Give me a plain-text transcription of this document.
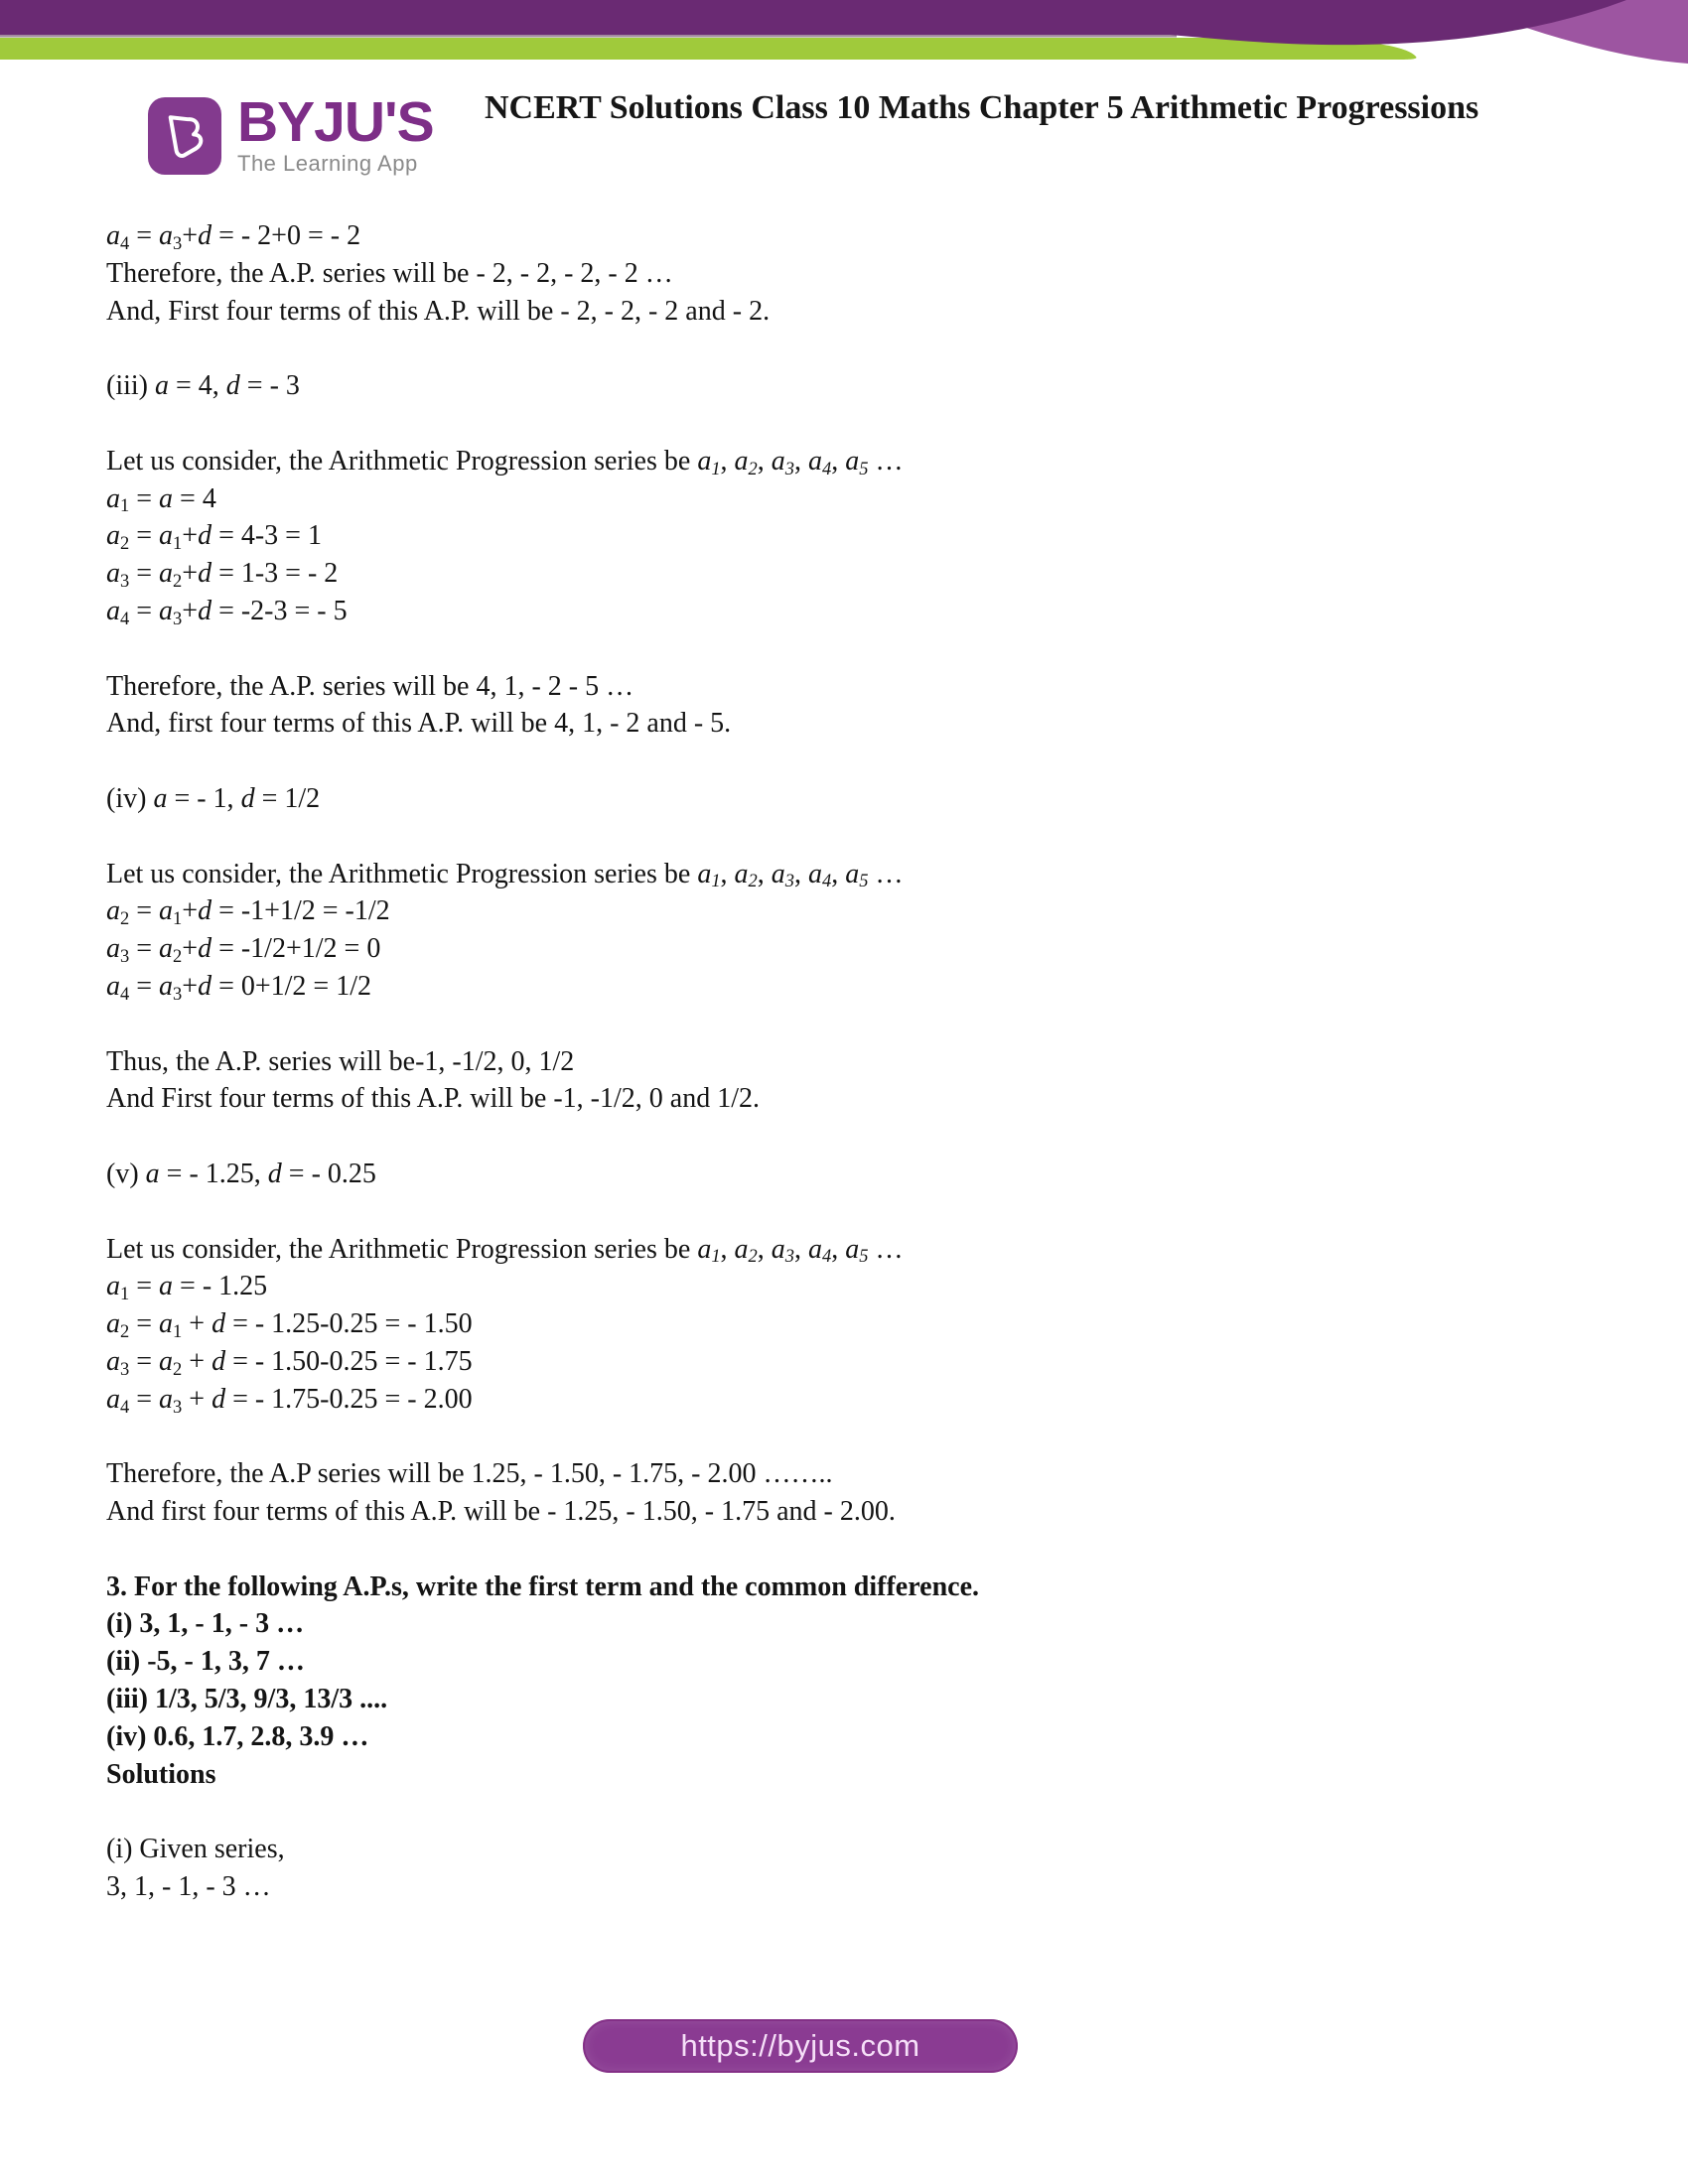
BYJU'S
The Learning App
NCERT Solutions Class 10 Maths Chapter 5 Arithmetic Progressions
$a_4 = a_3+d$ = - 2+0 = - 2
Therefore, the A.P. series will be - 2, - 2, - 2, - 2 …
And, First four terms of this A.P. will be - 2, - 2, - 2 and - 2.
(iii) a = 4, d = - 3
Let us consider, the Arithmetic Progression series be $a_1$, $a_2$, $a_3$, $a_4$, $a_5$ …
$a_1 = a = 4$
$a_2 = a_1+d = 4-3 = 1$
$a_3 = a_2+d = 1-3$ = - 2
$a_4 = a_3+d = -2-3$ = - 5
Therefore, the A.P. series will be 4, 1, - 2 - 5 …
And, first four terms of this A.P. will be 4, 1, - 2 and - 5.
(iv) a = - 1, d = 1/2
Let us consider, the Arithmetic Progression series be $a_1$, $a_2$, $a_3$, $a_4$, $a_5$ …
$a_2 = a_1+d = -1+1/2 = -1/2$
$a_3 = a_2+d = -1/2+1/2 = 0$
$a_4 = a_3+d = 0+1/2 = 1/2$
Thus, the A.P. series will be-1, -1/2, 0, 1/2
And First four terms of this A.P. will be -1, -1/2, 0 and 1/2.
(v) a = - 1.25, d = - 0.25
Let us consider, the Arithmetic Progression series be $a_1$, $a_2$, $a_3$, $a_4$, $a_5$ …
$a_1 = a$ = - 1.25
$a_2 = a_1 + d$ = - 1.25-0.25 = - 1.50
$a_3 = a_2 + d$ = - 1.50-0.25 = - 1.75
$a_4 = a_3 + d$ = - 1.75-0.25 = - 2.00
Therefore, the A.P series will be 1.25, - 1.50, - 1.75, - 2.00 ……..
And first four terms of this A.P. will be - 1.25, - 1.50, - 1.75 and - 2.00.
3. For the following A.P.s, write the first term and the common difference.
(i) 3, 1, - 1, - 3 …
(ii) -5, - 1, 3, 7 …
(iii) 1/3, 5/3, 9/3, 13/3 ....
(iv) 0.6, 1.7, 2.8, 3.9 …
Solutions
(i) Given series,
3, 1, - 1, - 3 …
https://byjus.com
